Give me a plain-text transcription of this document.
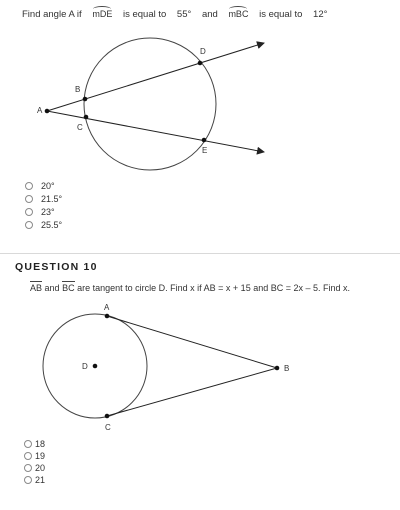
Find angle A if mDE is equal to 55° and mBC is equal to 12°
A
B
C
D
E
A
D	B
C
20°
21.5°
23°
25.5°
QUESTION 10
AB and BC are tangent to circle D. Find x if AB = x + 15 and BC = 2x – 5. Find x.
18
19
20
21
